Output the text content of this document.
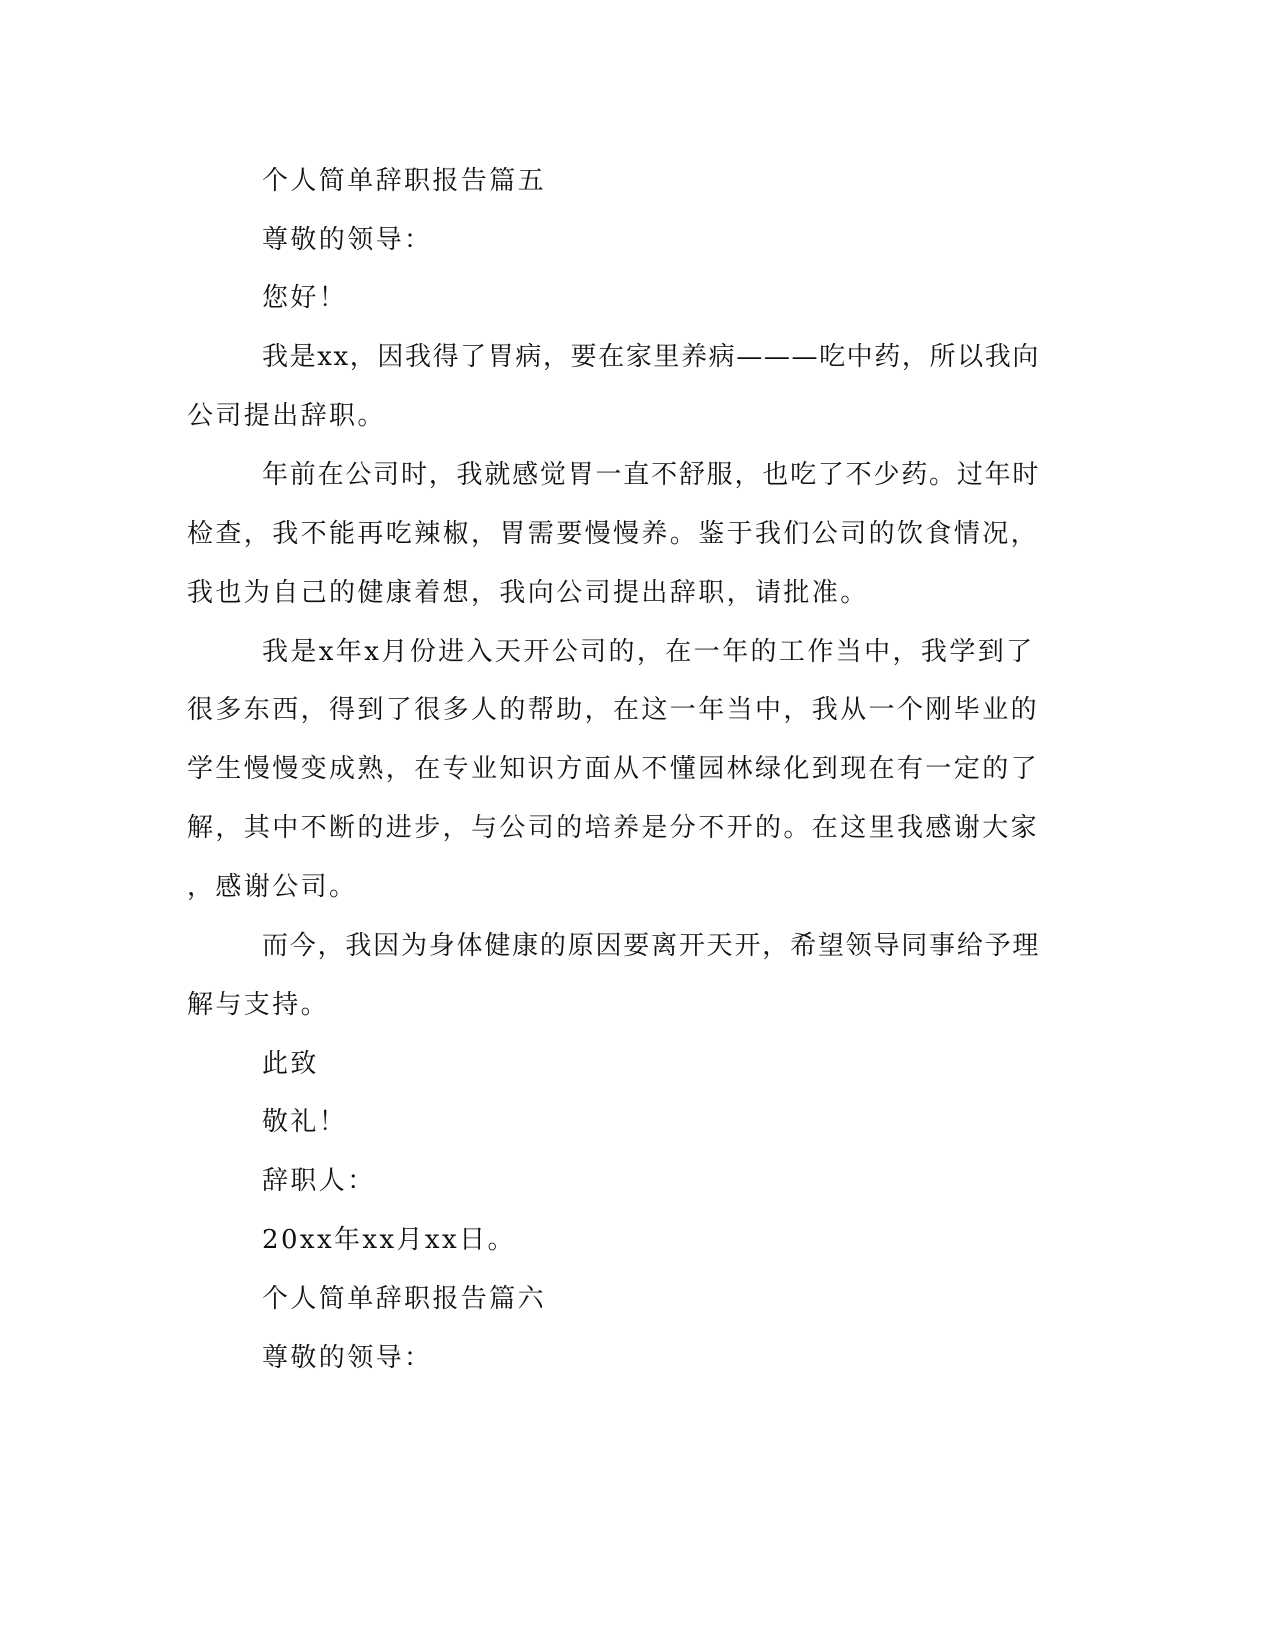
个人简单辞职报告篇五
尊敬的领导：
您好！
我是xx，因我得了胃病，要在家里养病———吃中药，所以我向
公司提出辞职。
年前在公司时，我就感觉胃一直不舒服，也吃了不少药。过年时
检查，我不能再吃辣椒，胃需要慢慢养。鉴于我们公司的饮食情况，
我也为自己的健康着想，我向公司提出辞职，请批准。
我是x年x月份进入天开公司的，在一年的工作当中，我学到了
很多东西，得到了很多人的帮助，在这一年当中，我从一个刚毕业的
学生慢慢变成熟，在专业知识方面从不懂园林绿化到现在有一定的了
解，其中不断的进步，与公司的培养是分不开的。在这里我感谢大家
，感谢公司。
而今，我因为身体健康的原因要离开天开，希望领导同事给予理
解与支持。
此致
敬礼！
辞职人：
20xx年xx月xx日。
个人简单辞职报告篇六
尊敬的领导：
